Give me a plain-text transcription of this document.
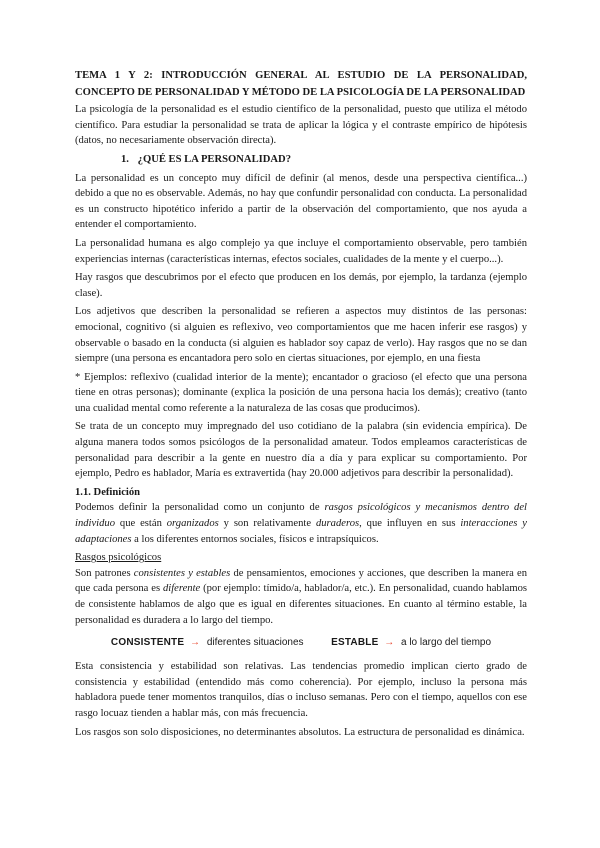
TEMA 1 Y 2: INTRODUCCIÓN GENERAL AL ESTUDIO DE LA PERSONALIDAD, CONCEPTO DE PERSONALIDAD Y MÉTODO DE LA PSICOLOGÍA DE LA PERSONALIDAD

La psicología de la personalidad es el estudio científico de la personalidad, puesto que utiliza el método científico. Para estudiar la personalidad se trata de aplicar la lógica y el contraste empírico de hipótesis (datos, no necesariamente observación directa).

1. ¿QUÉ ES LA PERSONALIDAD?

La personalidad es un concepto muy difícil de definir (al menos, desde una perspectiva científica...) debido a que no es observable. Además, no hay que confundir personalidad con conducta. La personalidad es un constructo hipotético inferido a partir de la observación del comportamiento, que nos ayuda a entender el comportamiento.

La personalidad humana es algo complejo ya que incluye el comportamiento observable, pero también experiencias internas (características internas, efectos sociales, cualidades de la mente y el cuerpo...).

Hay rasgos que descubrimos por el efecto que producen en los demás, por ejemplo, la tardanza (ejemplo clase).

Los adjetivos que describen la personalidad se refieren a aspectos muy distintos de las personas: emocional, cognitivo (si alguien es reflexivo, veo comportamientos que me hacen inferir ese rasgos) y observable o basado en la conducta (si alguien es hablador soy capaz de verlo). Hay rasgos que no se dan siempre (una persona es encantadora pero solo en ciertas situaciones, por ejemplo, en una fiesta

* Ejemplos: reflexivo (cualidad interior de la mente); encantador o gracioso (el efecto que una persona tiene en otras personas); dominante (explica la posición de una persona hacia los demás); creativo (tanto una cualidad mental como referente a la naturaleza de las cosas que producimos).

Se trata de un concepto muy impregnado del uso cotidiano de la palabra (sin evidencia empírica). De alguna manera todos somos psicólogos de la personalidad amateur. Todos empleamos características de personalidad para describir a la gente en nuestro día a día y para explicar su comportamiento. Por ejemplo, Pedro es hablador, María es extravertida (hay 20.000 adjetivos para describir la personalidad).

1.1. Definición

Podemos definir la personalidad como un conjunto de rasgos psicológicos y mecanismos dentro del individuo que están organizados y son relativamente duraderos, que influyen en sus interacciones y adaptaciones a los diferentes entornos sociales, físicos e intrapsíquicos.

Rasgos psicológicos

Son patrones consistentes y estables de pensamientos, emociones y acciones, que describen la manera en que cada persona es diferente (por ejemplo: tímido/a, hablador/a, etc.). En personalidad, cuando hablamos de consistente hablamos de algo que es igual en diferentes situaciones. En cuanto al término estable, la personalidad es duradera a lo largo del tiempo.

CONSISTENTE → diferentes situaciones	ESTABLE → a lo largo del tiempo

Esta consistencia y estabilidad son relativas. Las tendencias promedio implican cierto grado de consistencia y estabilidad (entendido más como coherencia). Por ejemplo, incluso la persona más habladora puede tener momentos tranquilos, días o incluso semanas. Pero con el tiempo, aquellos con ese rasgo locuaz tienden a hablar más, con más frecuencia.

Los rasgos son solo disposiciones, no determinantes absolutos. La estructura de personalidad es dinámica.
